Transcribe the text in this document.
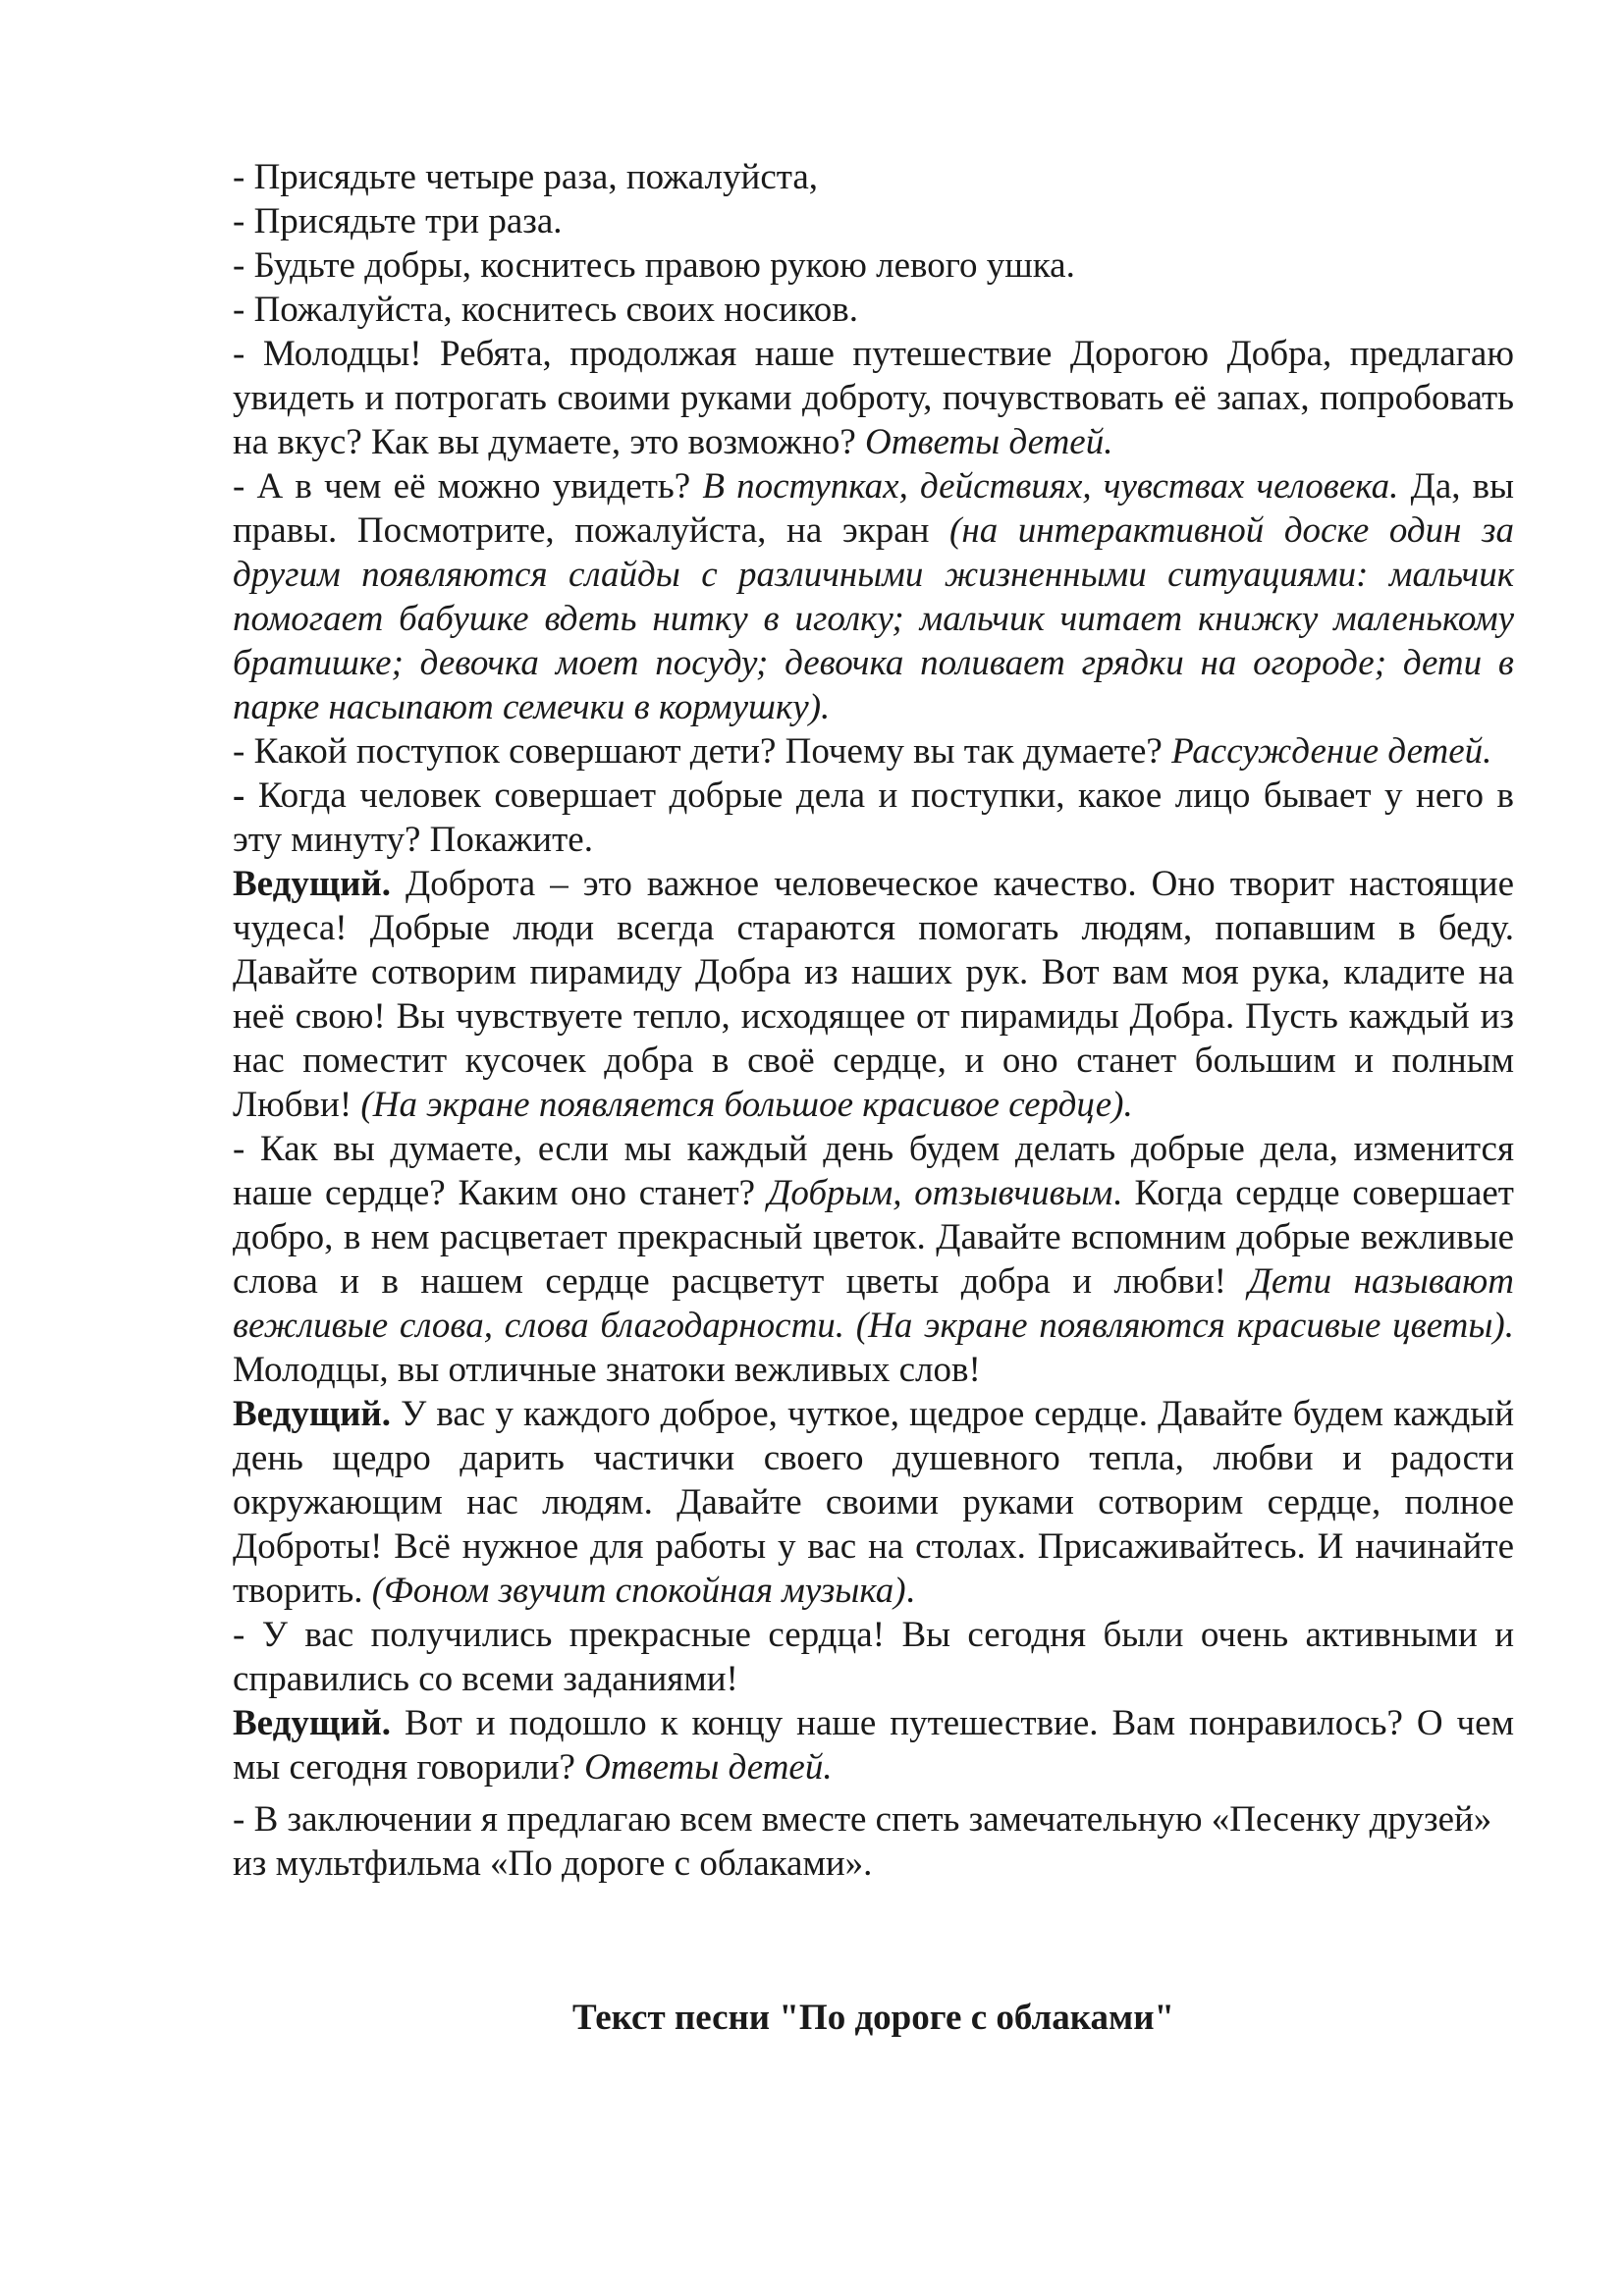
- Присядьте четыре раза, пожалуйста,

- Присядьте три раза.

- Будьте добры, коснитесь правою рукою левого ушка.

- Пожалуйста, коснитесь своих носиков.

- Молодцы! Ребята, продолжая наше путешествие Дорогою Добра, предлагаю увидеть и потрогать своими руками доброту, почувствовать её запах, попробовать на вкус? Как вы думаете, это возможно? Ответы детей.

- А в чем её можно увидеть? В поступках, действиях, чувствах человека. Да, вы правы. Посмотрите, пожалуйста, на экран (на интерактивной доске один за другим появляются слайды с различными жизненными ситуациями: мальчик помогает бабушке вдеть нитку в иголку; мальчик читает книжку маленькому братишке; девочка моет посуду; девочка поливает грядки на огороде; дети в парке насыпают семечки в кормушку).

- Какой поступок совершают дети? Почему вы так думаете? Рассуждение детей.

- Когда человек совершает добрые дела и поступки, какое лицо бывает у него в эту минуту? Покажите.

Ведущий. Доброта – это важное человеческое качество. Оно творит настоящие чудеса! Добрые люди всегда стараются помогать людям, попавшим в беду. Давайте сотворим пирамиду Добра из наших рук. Вот вам моя рука, кладите на неё свою! Вы чувствуете тепло, исходящее от пирамиды Добра. Пусть каждый из нас поместит кусочек добра в своё сердце, и оно станет большим и полным Любви! (На экране появляется большое красивое сердце).

- Как вы думаете, если мы каждый день будем делать добрые дела, изменится наше сердце? Каким оно станет? Добрым, отзывчивым. Когда сердце совершает добро, в нем расцветает прекрасный цветок. Давайте вспомним добрые вежливые слова и в нашем сердце расцветут цветы добра и любви! Дети называют вежливые слова, слова благодарности. (На экране появляются красивые цветы). Молодцы, вы отличные знатоки вежливых слов!

Ведущий. У вас у каждого доброе, чуткое, щедрое сердце. Давайте будем каждый день щедро дарить частички своего душевного тепла, любви и радости окружающим нас людям. Давайте своими руками сотворим сердце, полное Доброты! Всё нужное для работы у вас на столах. Присаживайтесь. И начинайте творить. (Фоном звучит спокойная музыка).

- У вас получились прекрасные сердца! Вы сегодня были очень активными и справились со всеми заданиями!

Ведущий. Вот и подошло к концу наше путешествие. Вам понравилось? О чем мы сегодня говорили? Ответы детей.

- В заключении я предлагаю всем вместе спеть замечательную «Песенку друзей» из мультфильма «По дороге с облаками».

Текст песни "По дороге с облаками"
